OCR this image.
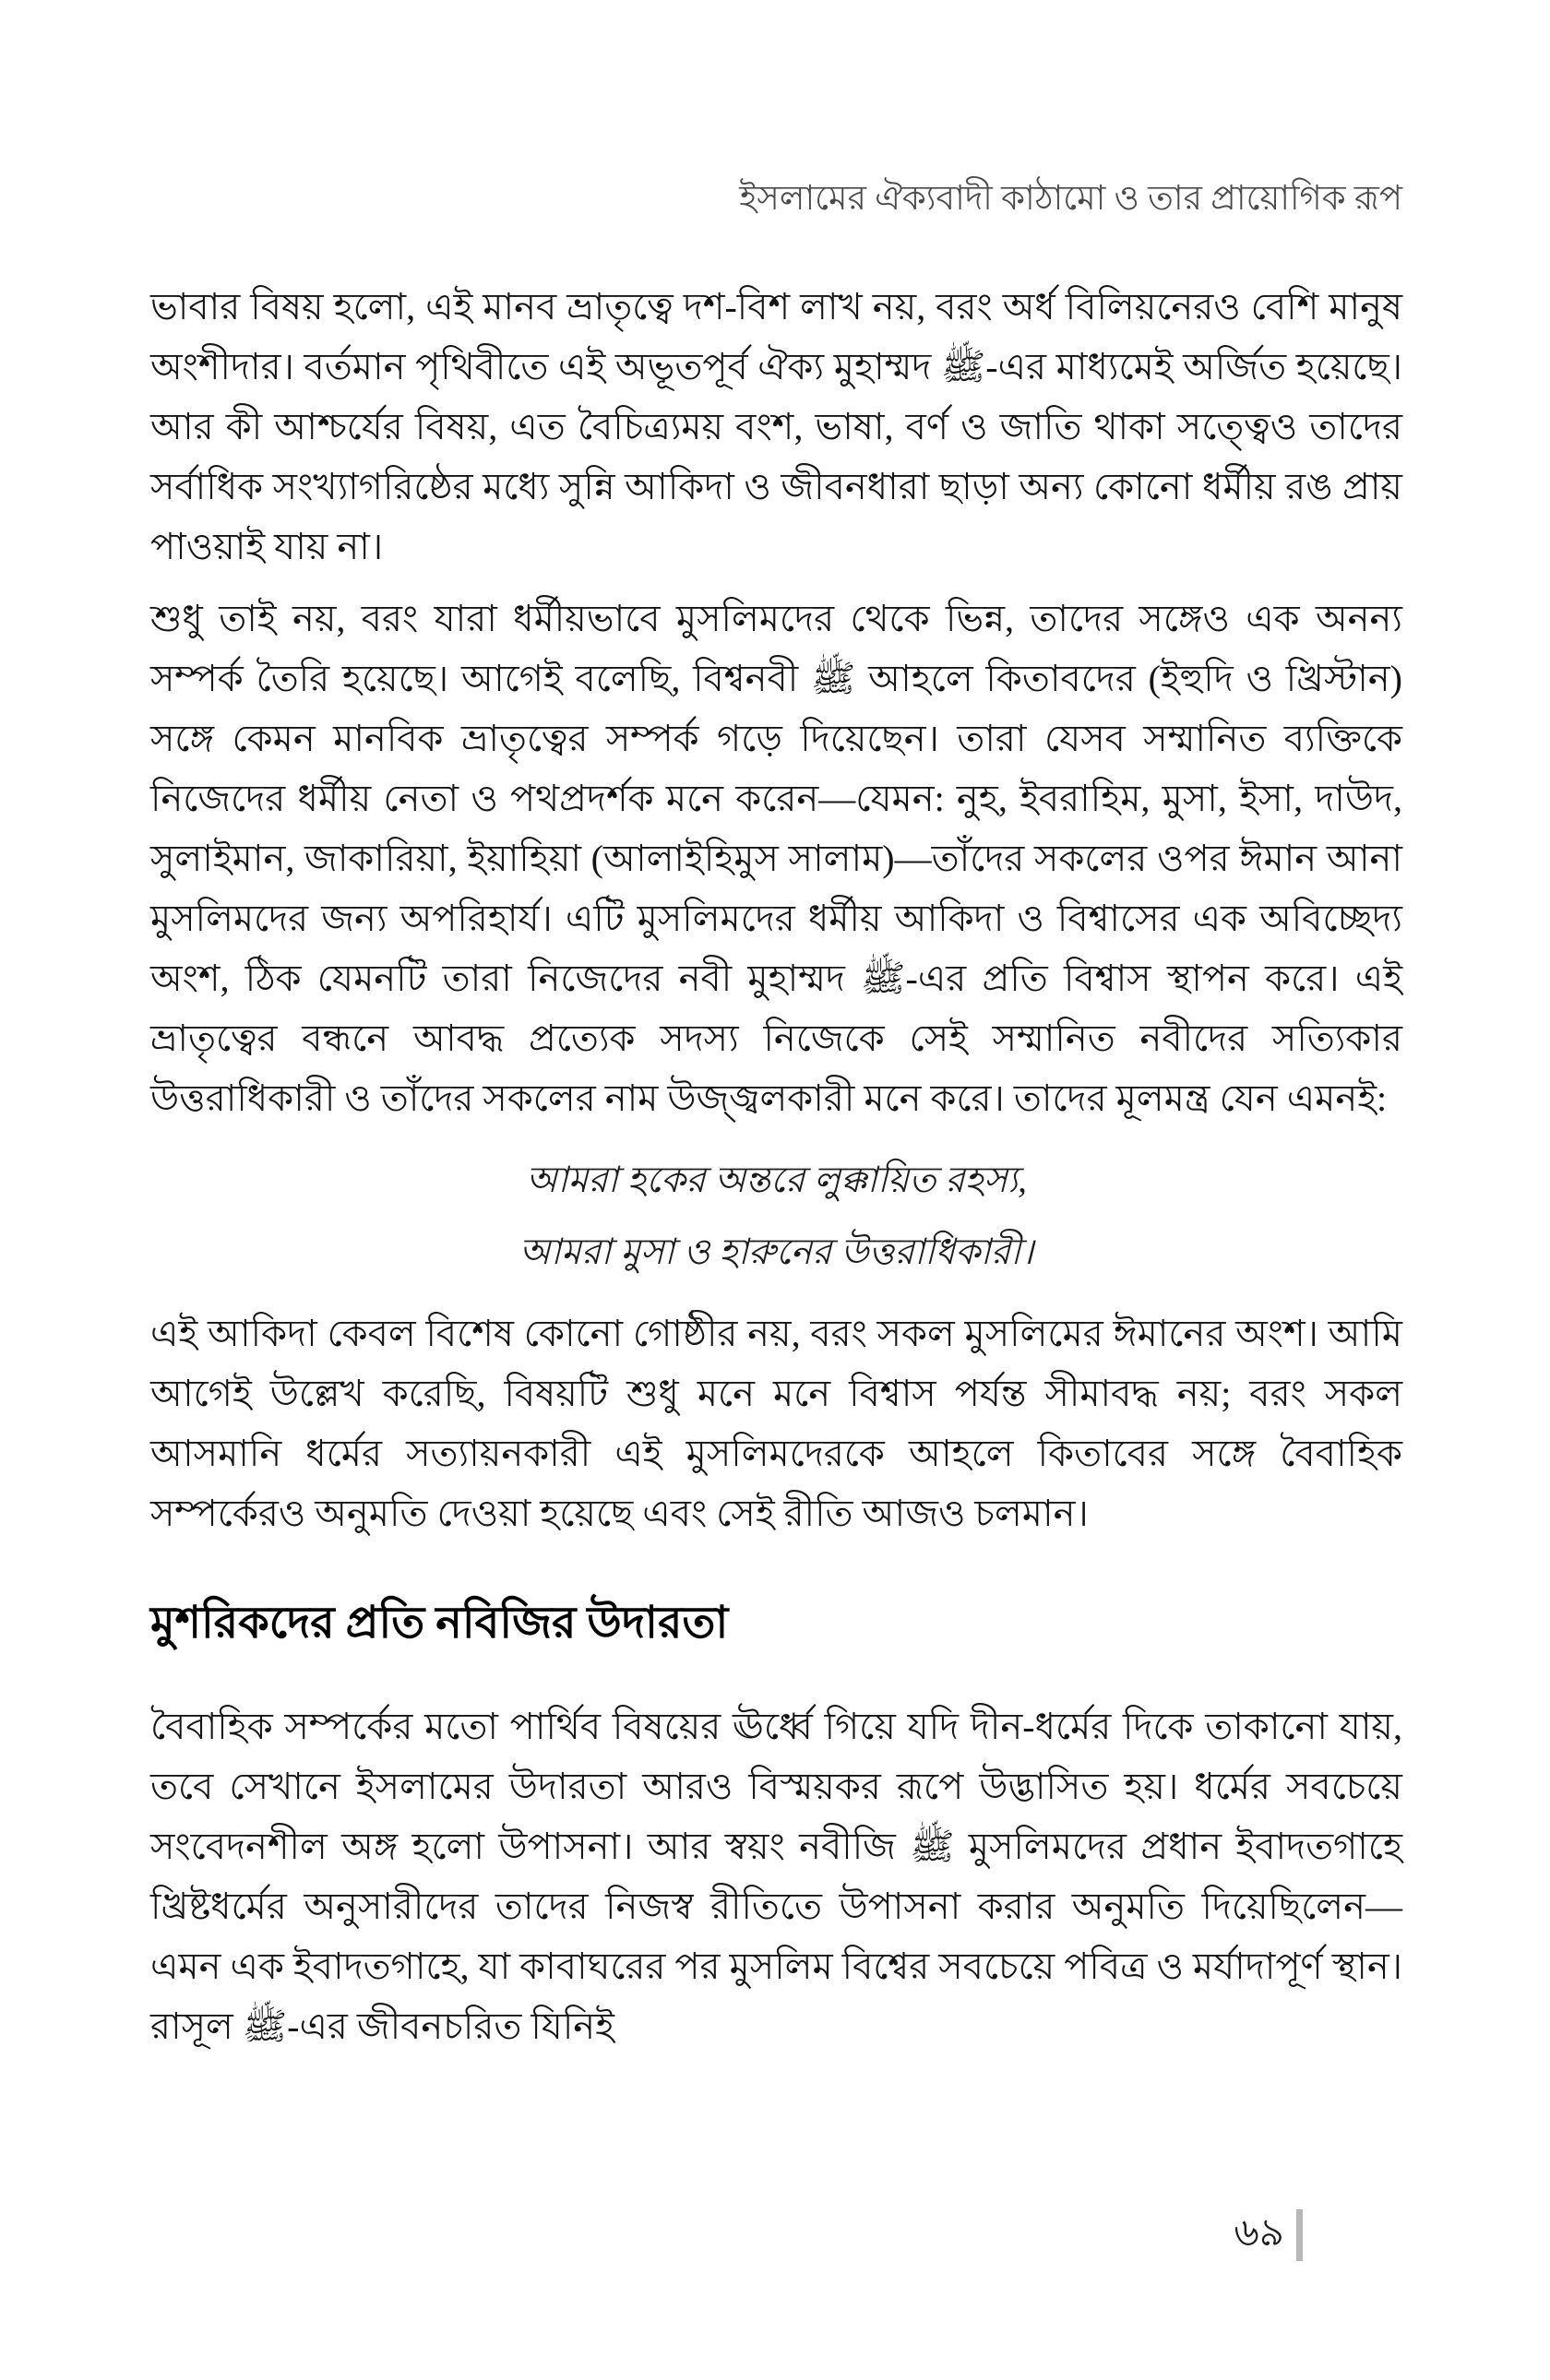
ইসলামের ঐক্যবাদী কাঠামো ও তার প্রায়োগিক রূপ

ভাবার বিষয় হলো, এই মানব ভ্রাতৃত্বে দশ-বিশ লাখ নয়, বরং অর্ধ বিলিয়নেরও বেশি মানুষ অংশীদার। বর্তমান পৃথিবীতে এই অভূতপূর্ব ঐক্য মুহাম্মদ ﷺ-এর মাধ্যমেই অর্জিত হয়েছে। আর কী আশ্চর্যের বিষয়, এত বৈচিত্র্যময় বংশ, ভাষা, বর্ণ ও জাতি থাকা সত্ত্বেও তাদের সর্বাধিক সংখ্যাগরিষ্ঠের মধ্যে সুন্নি আকিদা ও জীবনধারা ছাড়া অন্য কোনো ধর্মীয় রঙ প্রায় পাওয়াই যায় না।

শুধু তাই নয়, বরং যারা ধর্মীয়ভাবে মুসলিমদের থেকে ভিন্ন, তাদের সঙ্গেও এক অনন্য সম্পর্ক তৈরি হয়েছে। আগেই বলেছি, বিশ্বনবী ﷺ আহলে কিতাবদের (ইহুদি ও খ্রিস্টান) সঙ্গে কেমন মানবিক ভ্রাতৃত্বের সম্পর্ক গড়ে দিয়েছেন। তারা যেসব সম্মানিত ব্যক্তিকে নিজেদের ধর্মীয় নেতা ও পথপ্রদর্শক মনে করেন—যেমন: নুহ, ইবরাহিম, মুসা, ইসা, দাউদ, সুলাইমান, জাকারিয়া, ইয়াহিয়া (আলাইহিমুস সালাম)—তাঁদের সকলের ওপর ঈমান আনা মুসলিমদের জন্য অপরিহার্য। এটি মুসলিমদের ধর্মীয় আকিদা ও বিশ্বাসের এক অবিচ্ছেদ্য অংশ, ঠিক যেমনটি তারা নিজেদের নবী মুহাম্মদ ﷺ-এর প্রতি বিশ্বাস স্থাপন করে। এই ভ্রাতৃত্বের বন্ধনে আবদ্ধ প্রত্যেক সদস্য নিজেকে সেই সম্মানিত নবীদের সত্যিকার উত্তরাধিকারী ও তাঁদের সকলের নাম উজ্জ্বলকারী মনে করে। তাদের মূলমন্ত্র যেন এমনই:

আমরা হকের অন্তরে লুক্কায়িত রহস্য,
আমরা মুসা ও হারুনের উত্তরাধিকারী।

এই আকিদা কেবল বিশেষ কোনো গোষ্ঠীর নয়, বরং সকল মুসলিমের ঈমানের অংশ। আমি আগেই উল্লেখ করেছি, বিষয়টি শুধু মনে মনে বিশ্বাস পর্যন্ত সীমাবদ্ধ নয়; বরং সকল আসমানি ধর্মের সত্যায়নকারী এই মুসলিমদেরকে আহলে কিতাবের সঙ্গে বৈবাহিক সম্পর্কেরও অনুমতি দেওয়া হয়েছে এবং সেই রীতি আজও চলমান।

মুশরিকদের প্রতি নবিজির উদারতা

বৈবাহিক সম্পর্কের মতো পার্থিব বিষয়ের ঊর্ধ্বে গিয়ে যদি দীন-ধর্মের দিকে তাকানো যায়, তবে সেখানে ইসলামের উদারতা আরও বিস্ময়কর রূপে উদ্ভাসিত হয়। ধর্মের সবচেয়ে সংবেদনশীল অঙ্গ হলো উপাসনা। আর স্বয়ং নবীজি ﷺ মুসলিমদের প্রধান ইবাদতগাহে খ্রিষ্টধর্মের অনুসারীদের তাদের নিজস্ব রীতিতে উপাসনা করার অনুমতি দিয়েছিলেন—এমন এক ইবাদতগাহে, যা কাবাঘরের পর মুসলিম বিশ্বের সবচেয়ে পবিত্র ও মর্যাদাপূর্ণ স্থান। রাসূল ﷺ-এর জীবনচরিত যিনিই

৬৯
